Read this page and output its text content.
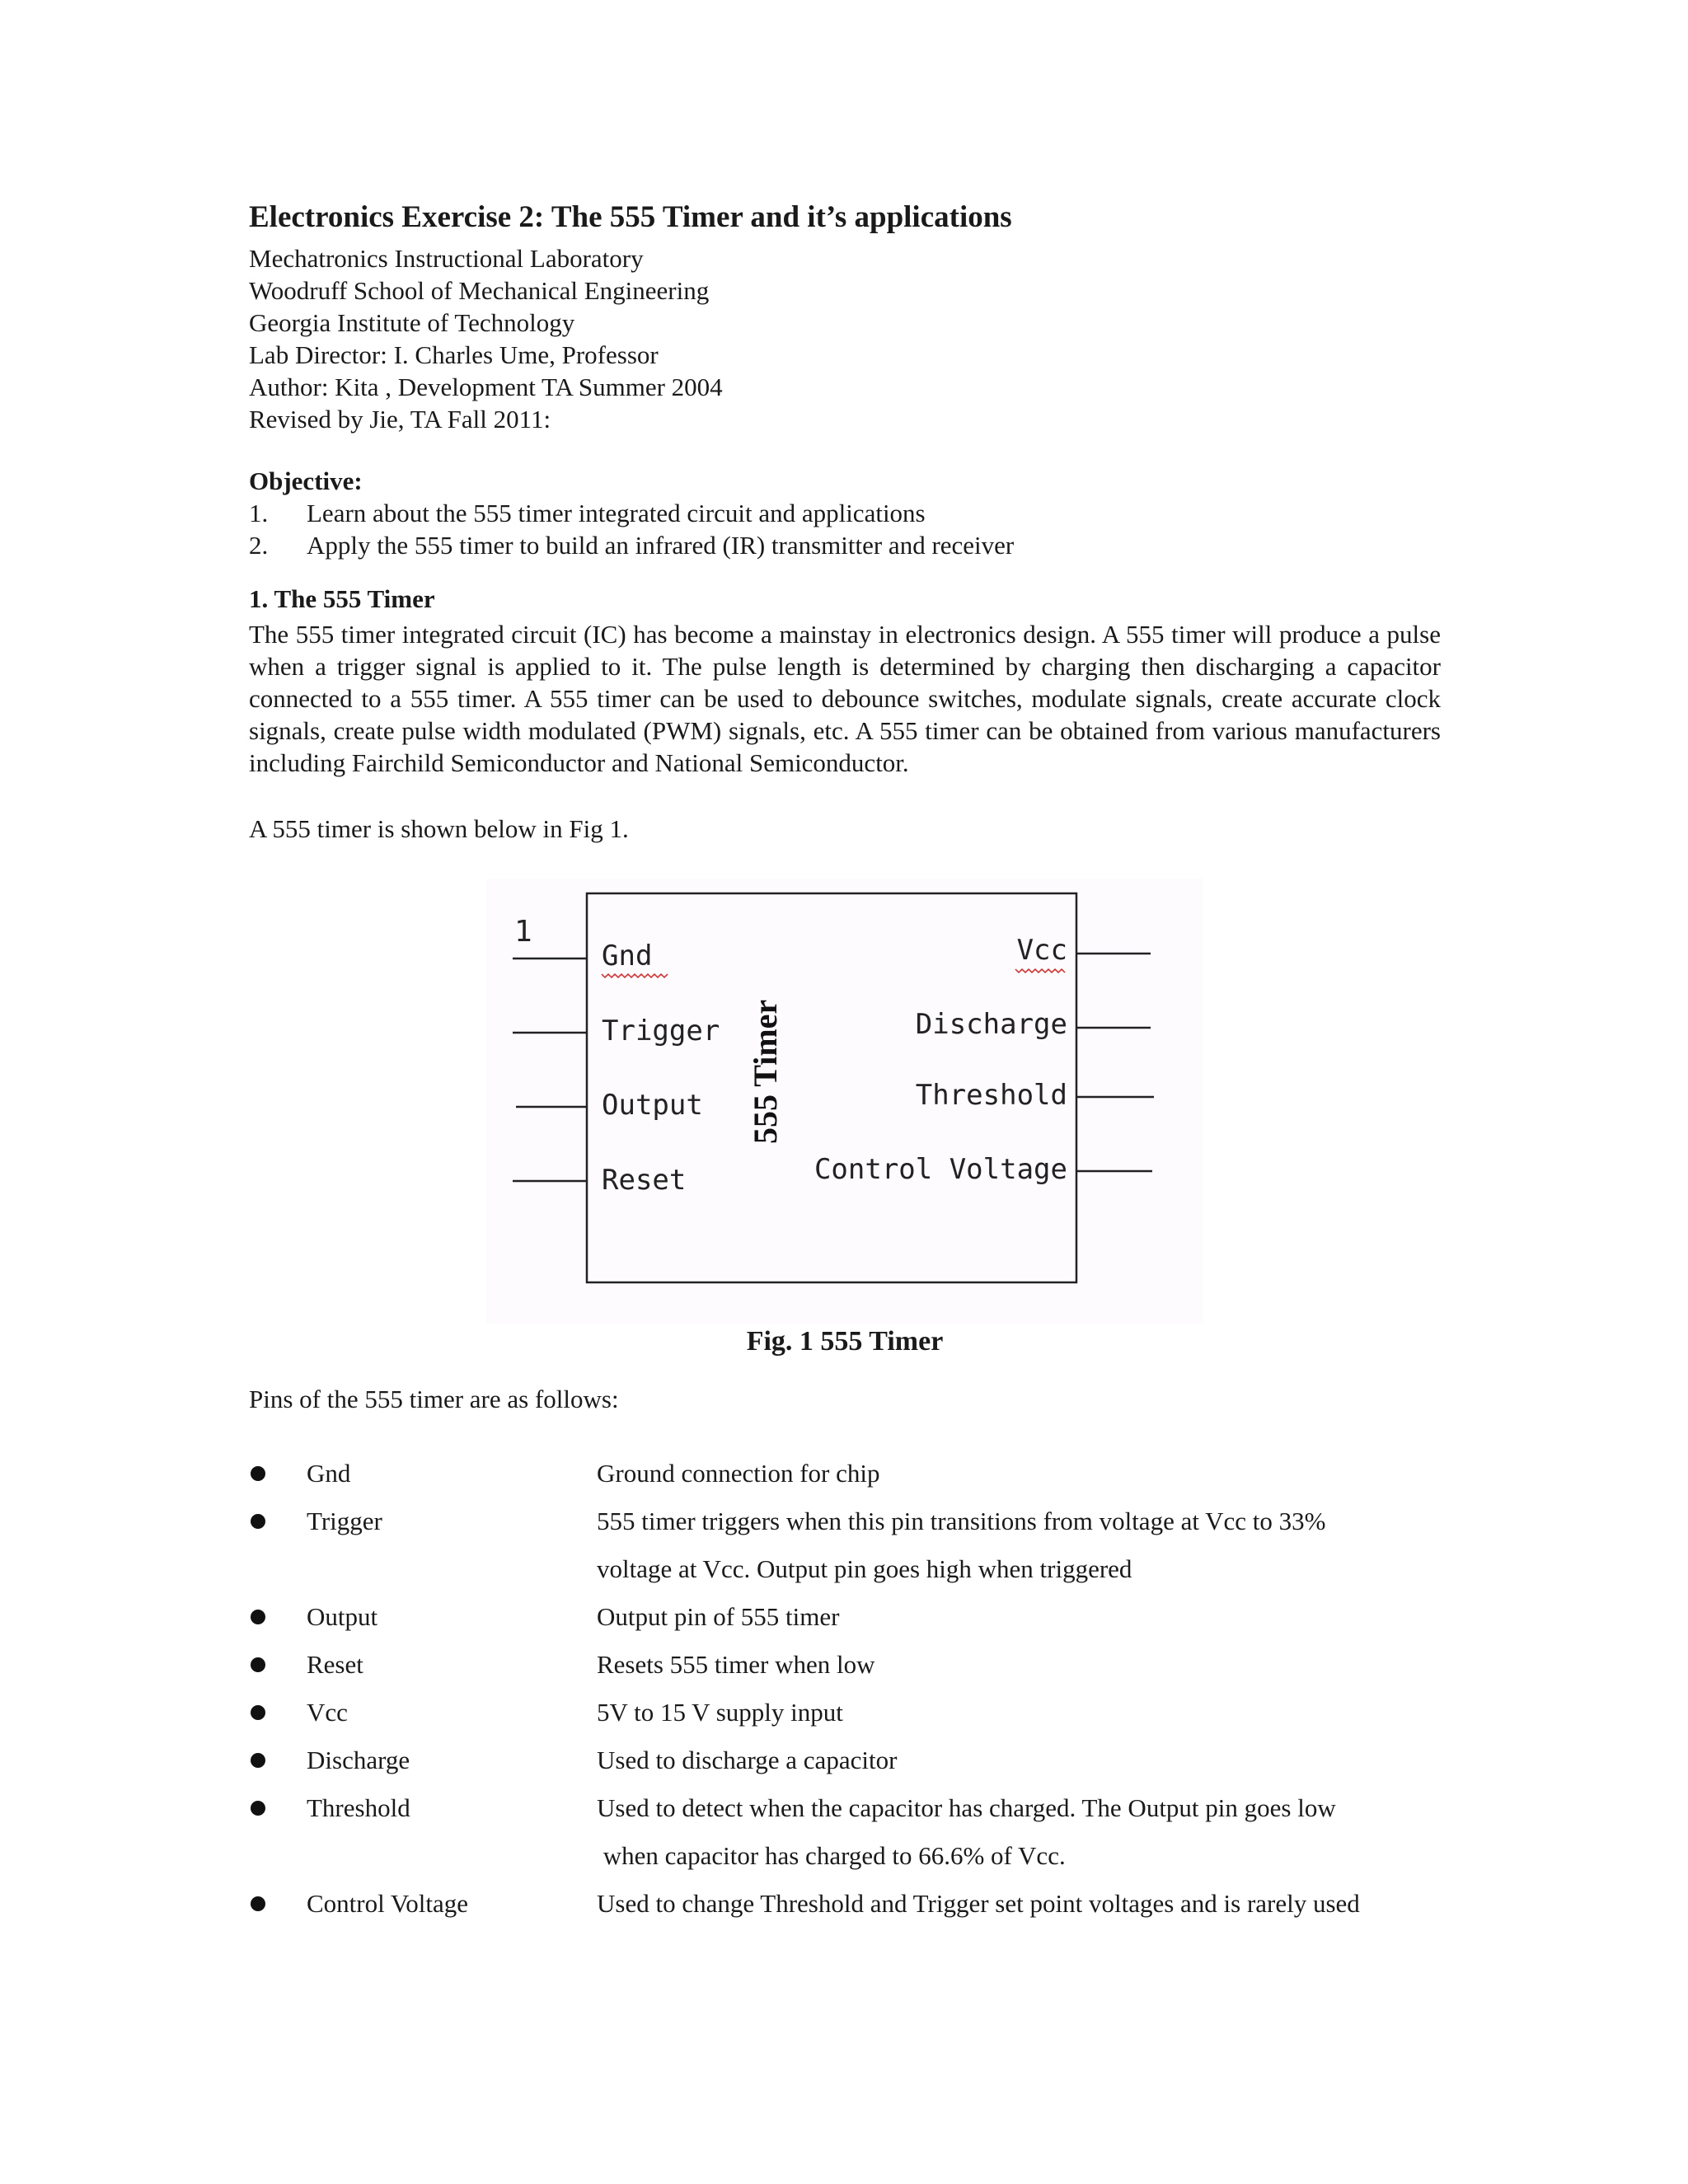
Electronics Exercise 2: The 555 Timer and it’s applications
Mechatronics Instructional Laboratory
Woodruff School of Mechanical Engineering
Georgia Institute of Technology
Lab Director: I. Charles Ume, Professor
Author: Kita , Development TA Summer 2004
Revised by Jie, TA Fall 2011:
Objective:
1.	Learn about the 555 timer integrated circuit and applications
2.	Apply the 555 timer to build an infrared (IR) transmitter and receiver
1. The 555 Timer
The 555 timer integrated circuit (IC) has become a mainstay in electronics design. A 555 timer will produce a pulse when a trigger signal is applied to it. The pulse length is determined by charging then discharging a capacitor connected to a 555 timer. A 555 timer can be used to debounce switches, modulate signals, create accurate clock signals, create pulse width modulated (PWM) signals, etc. A 555 timer can be obtained from various manufacturers including Fairchild Semiconductor and National Semiconductor.
A 555 timer is shown below in Fig 1.
1
Gnd
Trigger
Output
Reset
Vcc
Discharge
Threshold
Control Voltage
555 Timer
Fig. 1 555 Timer
Pins of the 555 timer are as follows:
Gnd	Ground connection for chip
Trigger	555 timer triggers when this pin transitions from voltage at Vcc to 33%
voltage at Vcc. Output pin goes high when triggered
Output	Output pin of 555 timer
Reset	Resets 555 timer when low
Vcc	5V to 15 V supply input
Discharge	Used to discharge a capacitor
Threshold	Used to detect when the capacitor has charged. The Output pin goes low
when capacitor has charged to 66.6% of Vcc.
Control Voltage	Used to change Threshold and Trigger set point voltages and is rarely used
